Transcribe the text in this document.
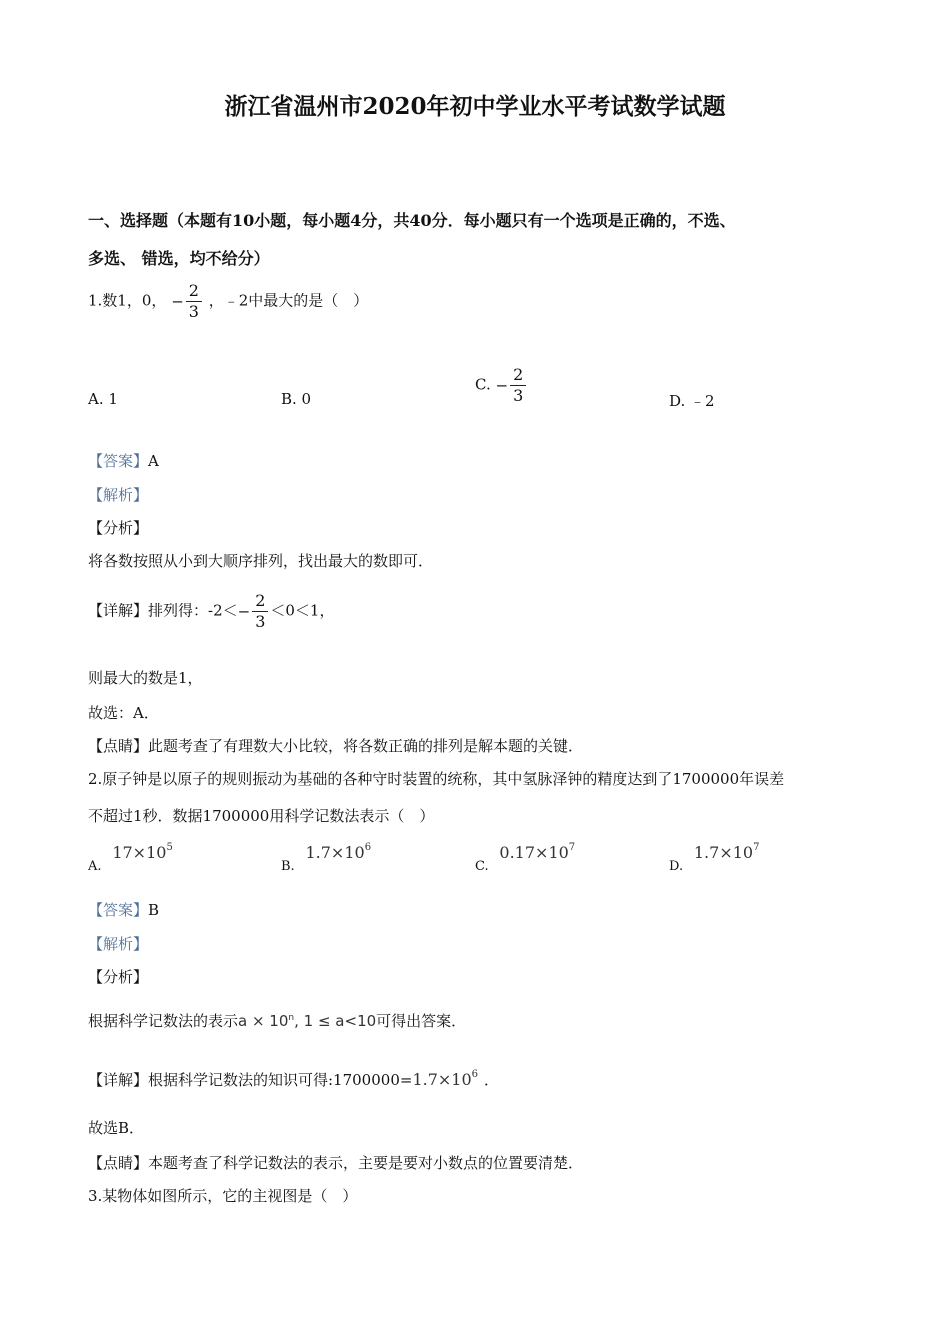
浙江省温州市2020年初中学业水平考试数学试题
一、选择题（本题有10小题，每小题4分，共40分．每小题只有一个选项是正确的，不选、
多选、 错选，均不给分）
1.数1，0， − $\frac{2}{3}$ ，﹣2中最大的是（　）
A. 1	B. 0
C. − $\frac{2}{3}$	D. ﹣2
【答案】A
【解析】
【分析】
将各数按照从小到大顺序排列，找出最大的数即可．
【详解】排列得：$-2<- \frac{2}{3} <0<1$，
则最大的数是1，
故选：A．
【点睛】此题考查了有理数大小比较，将各数正确的排列是解本题的关键．
2.原子钟是以原子的规则振动为基础的各种守时装置的统称，其中氢脉泽钟的精度达到了1700000年误差
不超过1秒．数据1700000用科学记数法表示（　）
A. $17\times 10^5$
B. $1.7\times 10^6$
C. $0.17\times 10^7$
D. $1.7\times 10^7$
【答案】B
【解析】
【分析】
根据科学记数法的表示$a \times 10^n$, 1 ≤ a<10可得出答案．
【详解】根据科学记数法的知识可得$:1700000=1.7\times 10^6$ ．
故选B．
【点睛】本题考查了科学记数法的表示，主要是要对小数点的位置要清楚．
3.某物体如图所示，它的主视图是（　）
